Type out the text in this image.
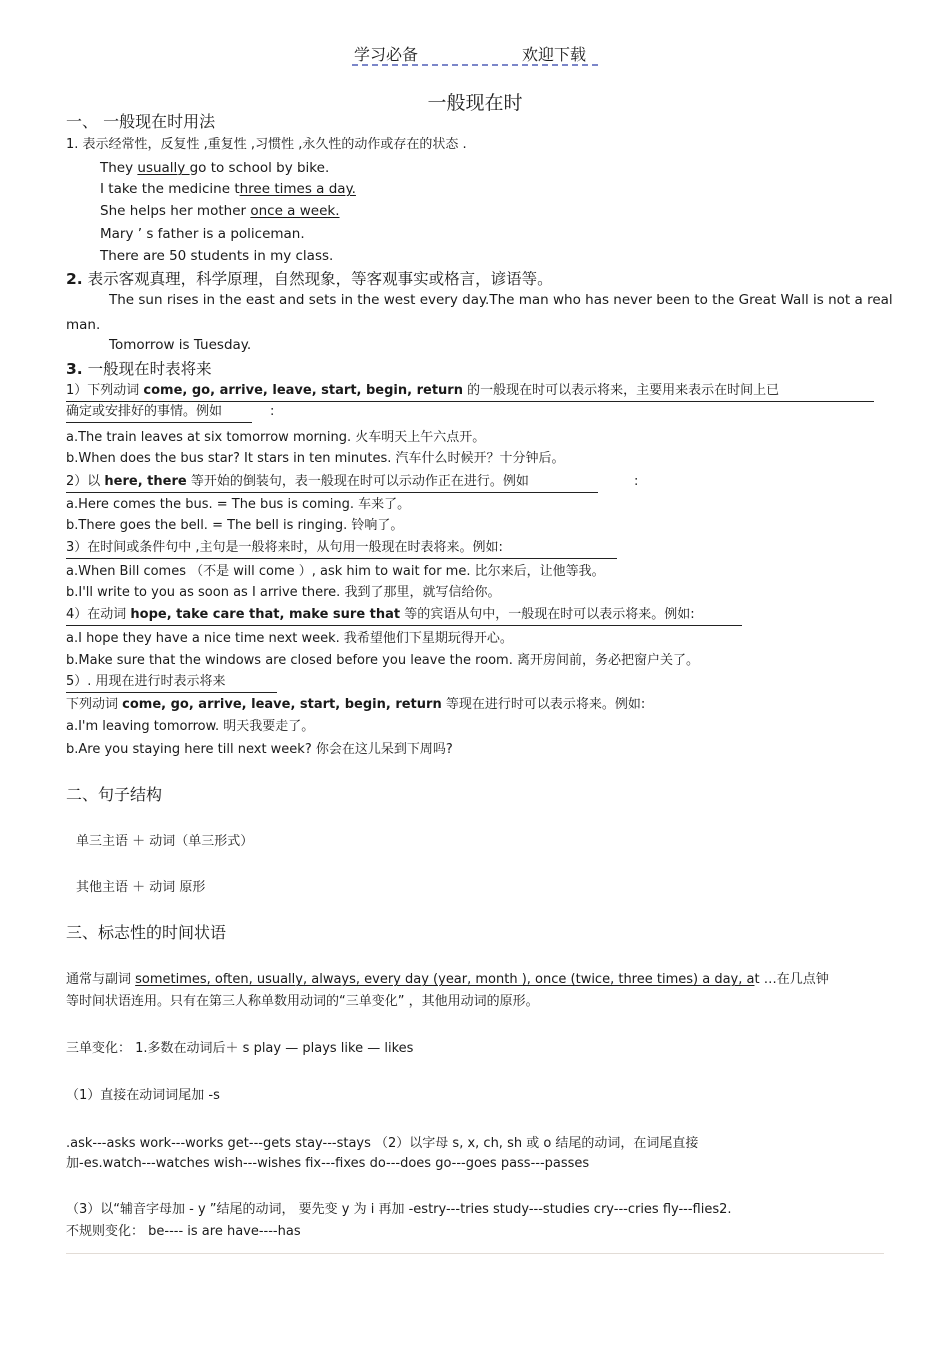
学习必备	欢迎下载
一般现在时
一、 一般现在时用法
1. 表示经常性，反复性 ,重复性 ,习惯性 ,永久性的动作或存在的状态 .
They usually go to school by bike.
I take the medicine three times a day.
She helps her mother once a week.
Mary ’ s father is a policeman.
There are 50 students in my class.
2. 表示客观真理，科学原理，自然现象，等客观事实或格言，谚语等。
The sun rises in the east and sets in the west every day.The man who has never been to the Great Wall is not a real
man.
Tomorrow is Tuesday.
3. 一般现在时表将来
1）下列动词 come, go, arrive, leave, start, begin, return 的一般现在时可以表示将来，主要用来表示在时间上已
确定或安排好的事情。例如	:
a.The train leaves at six tomorrow morning. 火车明天上午六点开。
b.When does the bus star? It stars in ten minutes. 汽车什么时候开？十分钟后。
2）以 here, there 等开始的倒装句，表一般现在时可以示动作正在进行。例如	:
a.Here comes the bus. = The bus is coming. 车来了。
b.There goes the bell. = The bell is ringing. 铃响了。
3）在时间或条件句中 ,主句是一般将来时，从句用一般现在时表将来。例如:
a.When Bill comes （不是 will come ）, ask him to wait for me. 比尔来后，让他等我。
b.I'll write to you as soon as I arrive there. 我到了那里，就写信给你。
4）在动词 hope, take care that, make sure that 等的宾语从句中，一般现在时可以表示将来。例如:
a.I hope they have a nice time next week. 我希望他们下星期玩得开心。
b.Make sure that the windows are closed before you leave the room. 离开房间前，务必把窗户关了。
5）. 用现在进行时表示将来
下列动词 come, go, arrive, leave, start, begin, return 等现在进行时可以表示将来。例如:
a.I'm leaving tomorrow. 明天我要走了。
b.Are you staying here till next week? 你会在这儿呆到下周吗?
二、句子结构
单三主语 ＋ 动词（单三形式）
其他主语 ＋ 动词 原形
三、标志性的时间状语
通常与副词 sometimes, often, usually, always, every day (year, month ), once (twice, three times) a day, at …在几点钟
等时间状语连用。只有在第三人称单数用动词的“三单变化” ，其他用动词的原形。
三单变化： 1.多数在动词后＋ s play — plays like — likes
（1）直接在动词词尾加 -s
.ask---asks work---works get---gets stay---stays （2）以字母 s, x, ch, sh 或 o 结尾的动词，在词尾直接
加-es.watch---watches wish---wishes fix---fixes do---does go---goes pass---passes
（3）以“辅音字母加 - y ”结尾的动词， 要先变 y 为 i 再加 -estry---tries study---studies cry---cries fly---flies2.
不规则变化： be---- is are have----has
